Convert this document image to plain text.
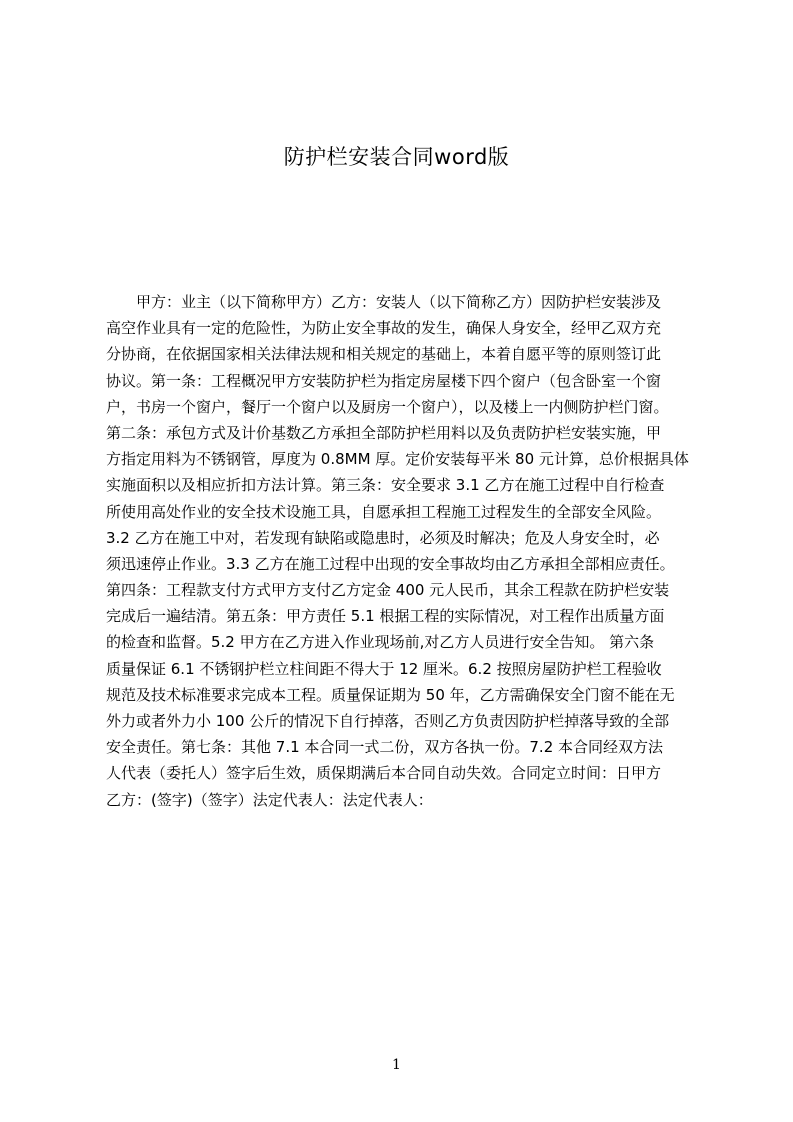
防护栏安装合同word版
甲方：业主（以下简称甲方）乙方：安装人（以下简称乙方）因防护栏安装涉及
高空作业具有一定的危险性，为防止安全事故的发生，确保人身安全，经甲乙双方充
分协商，在依据国家相关法律法规和相关规定的基础上，本着自愿平等的原则签订此
协议。第一条：工程概况甲方安装防护栏为指定房屋楼下四个窗户（包含卧室一个窗
户，书房一个窗户，餐厅一个窗户以及厨房一个窗户），以及楼上一内侧防护栏门窗。
第二条：承包方式及计价基数乙方承担全部防护栏用料以及负责防护栏安装实施，甲
方指定用料为不锈钢管，厚度为 0.8MM 厚。定价安装每平米 80 元计算，总价根据具体
实施面积以及相应折扣方法计算。第三条：安全要求 3.1 乙方在施工过程中自行检查
所使用高处作业的安全技术设施工具，自愿承担工程施工过程发生的全部安全风险。
3.2 乙方在施工中对，若发现有缺陷或隐患时，必须及时解决；危及人身安全时，必
须迅速停止作业。3.3 乙方在施工过程中出现的安全事故均由乙方承担全部相应责任。
第四条：工程款支付方式甲方支付乙方定金 400 元人民币，其余工程款在防护栏安装
完成后一遍结清。第五条：甲方责任 5.1 根据工程的实际情况，对工程作出质量方面
的检查和监督。5.2 甲方在乙方进入作业现场前,对乙方人员进行安全告知。 第六条
质量保证 6.1 不锈钢护栏立柱间距不得大于 12 厘米。6.2 按照房屋防护栏工程验收
规范及技术标准要求完成本工程。质量保证期为 50 年，乙方需确保安全门窗不能在无
外力或者外力小 100 公斤的情况下自行掉落，否则乙方负责因防护栏掉落导致的全部
安全责任。第七条：其他 7.1 本合同一式二份，双方各执一份。7.2 本合同经双方法
人代表（委托人）签字后生效，质保期满后本合同自动失效。合同定立时间：日甲方
乙方：(签字)（签字）法定代表人：法定代表人：
1
